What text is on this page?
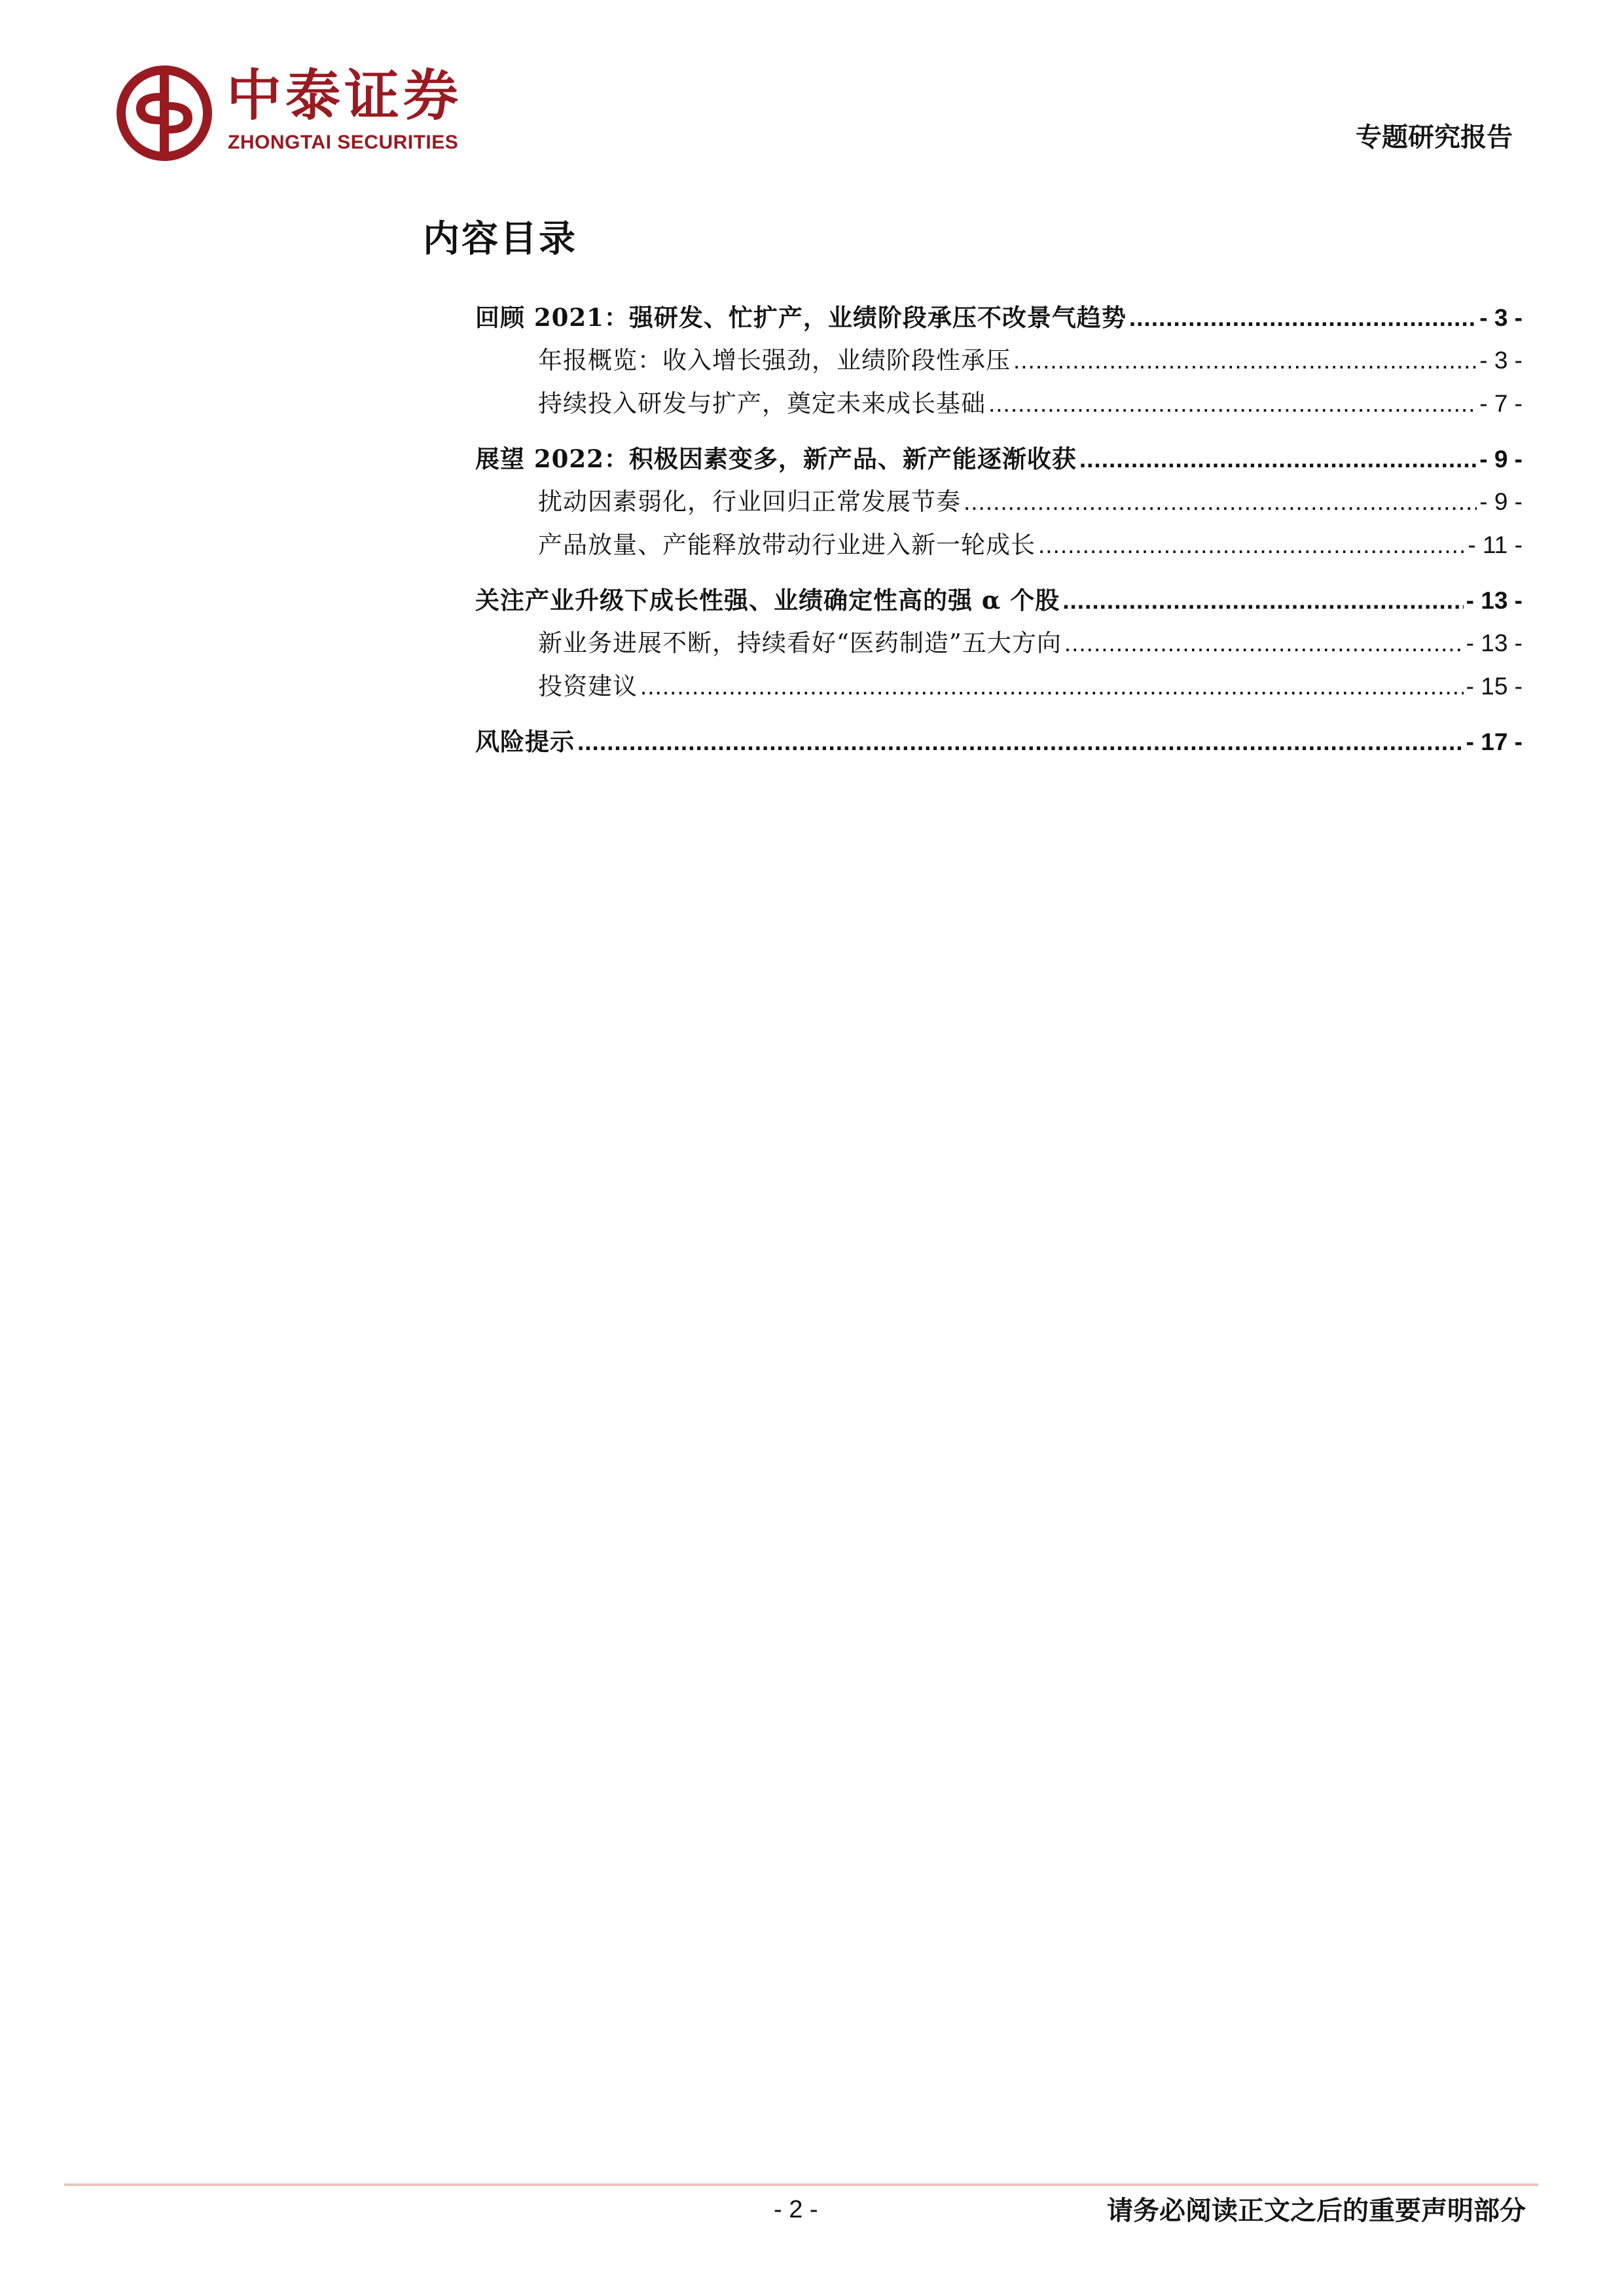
中泰证券
ZHONGTAI SECURITIES	专题研究报告
内容目录
回顾 2021：强研发、忙扩产，业绩阶段承压不改景气趋势 .....	- 3 -
年报概览：收入增长强劲，业绩阶段性承压 .....	- 3 -
持续投入研发与扩产，奠定未来成长基础 .....	- 7 -
展望 2022：积极因素变多，新产品、新产能逐渐收获 .....	- 9 -
扰动因素弱化，行业回归正常发展节奏 .....	- 9 -
产品放量、产能释放带动行业进入新一轮成长 .....	- 11 -
关注产业升级下成长性强、业绩确定性高的强 α 个股 .....	- 13 -
新业务进展不断，持续看好“医药制造”五大方向 .....	- 13 -
投资建议 .....	- 15 -
风险提示 .....	- 17 -
- 2 -	请务必阅读正文之后的重要声明部分
